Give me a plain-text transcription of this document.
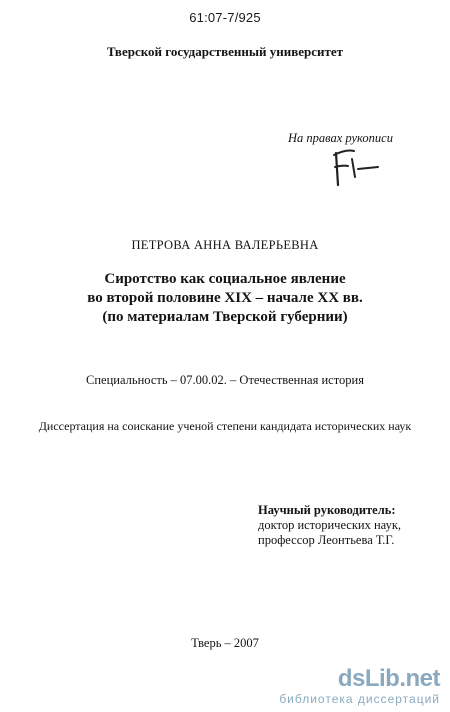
61:07-7/925
Тверской государственный университет
На правах рукописи
ПЕТРОВА АННА ВАЛЕРЬЕВНА
Сиротство как социальное явление
во второй половине XIX – начале XX вв.
(по материалам Тверской губернии)
Специальность – 07.00.02. – Отечественная история
Диссертация на соискание ученой степени кандидата исторических наук
Научный руководитель:
доктор исторических наук,
профессор Леонтьева Т.Г.
Тверь – 2007
dsLib.net
библиотека диссертаций
